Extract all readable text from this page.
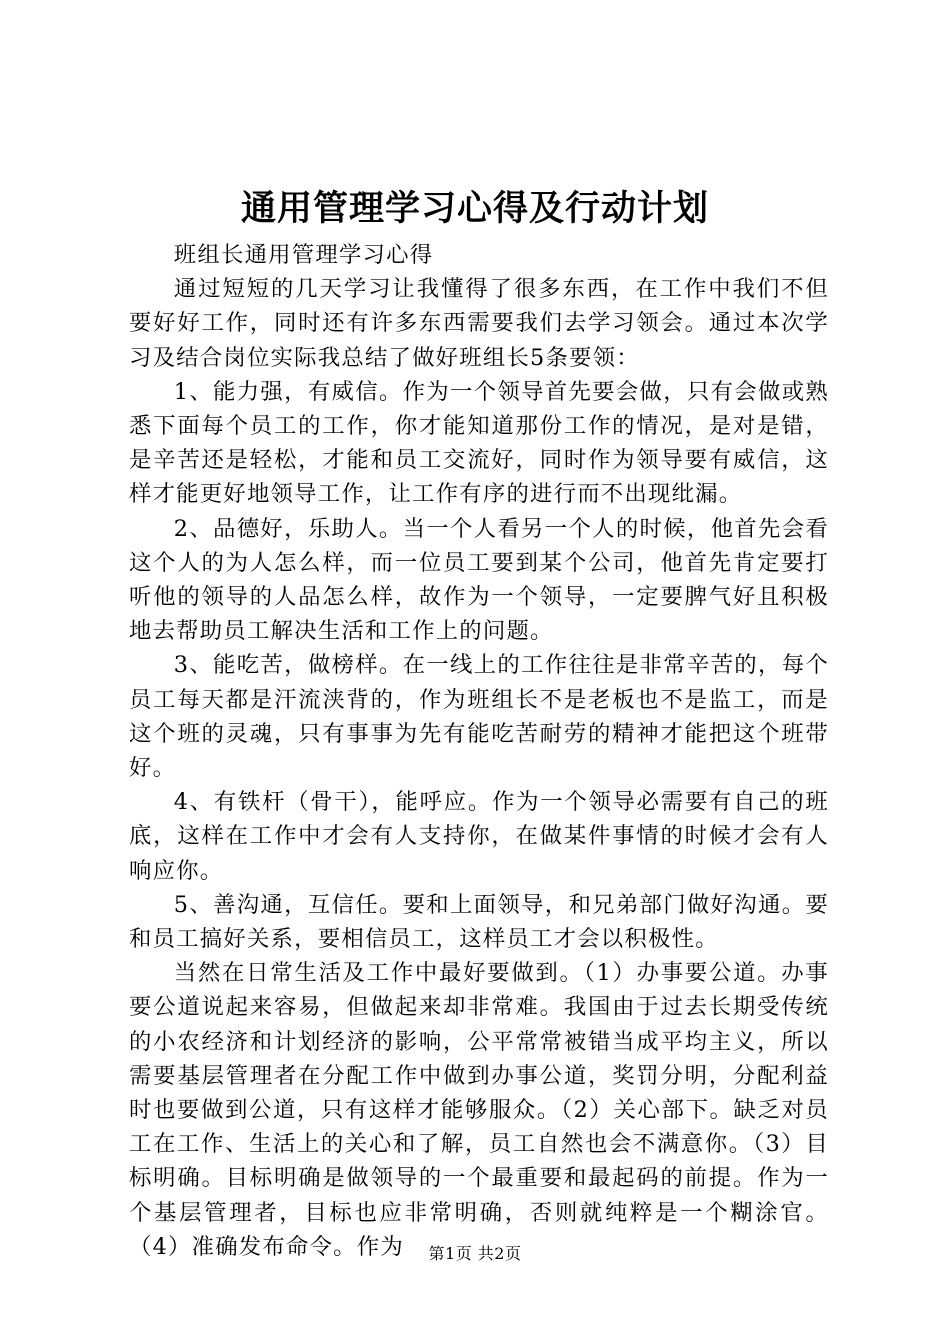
通用管理学习心得及行动计划

班组长通用管理学习心得

通过短短的几天学习让我懂得了很多东西，在工作中我们不但要好好工作，同时还有许多东西需要我们去学习领会。通过本次学习及结合岗位实际我总结了做好班组长5条要领：

1、能力强，有威信。作为一个领导首先要会做，只有会做或熟悉下面每个员工的工作，你才能知道那份工作的情况，是对是错，是辛苦还是轻松，才能和员工交流好，同时作为领导要有威信，这样才能更好地领导工作，让工作有序的进行而不出现纰漏。

2、品德好，乐助人。当一个人看另一个人的时候，他首先会看这个人的为人怎么样，而一位员工要到某个公司，他首先肯定要打听他的领导的人品怎么样，故作为一个领导，一定要脾气好且积极地去帮助员工解决生活和工作上的问题。

3、能吃苦，做榜样。在一线上的工作往往是非常辛苦的，每个员工每天都是汗流浃背的，作为班组长不是老板也不是监工，而是这个班的灵魂，只有事事为先有能吃苦耐劳的精神才能把这个班带好。

4、有铁杆（骨干），能呼应。作为一个领导必需要有自己的班底，这样在工作中才会有人支持你，在做某件事情的时候才会有人响应你。

5、善沟通，互信任。要和上面领导，和兄弟部门做好沟通。要和员工搞好关系，要相信员工，这样员工才会以积极性。

当然在日常生活及工作中最好要做到。（1）办事要公道。办事要公道说起来容易，但做起来却非常难。我国由于过去长期受传统的小农经济和计划经济的影响，公平常常被错当成平均主义，所以需要基层管理者在分配工作中做到办事公道，奖罚分明，分配利益时也要做到公道，只有这样才能够服众。（2）关心部下。缺乏对员工在工作、生活上的关心和了解，员工自然也会不满意你。（3）目标明确。目标明确是做领导的一个最重要和最起码的前提。作为一个基层管理者，目标也应非常明确，否则就纯粹是一个糊涂官。（4）准确发布命令。作为	第1页 共2页
